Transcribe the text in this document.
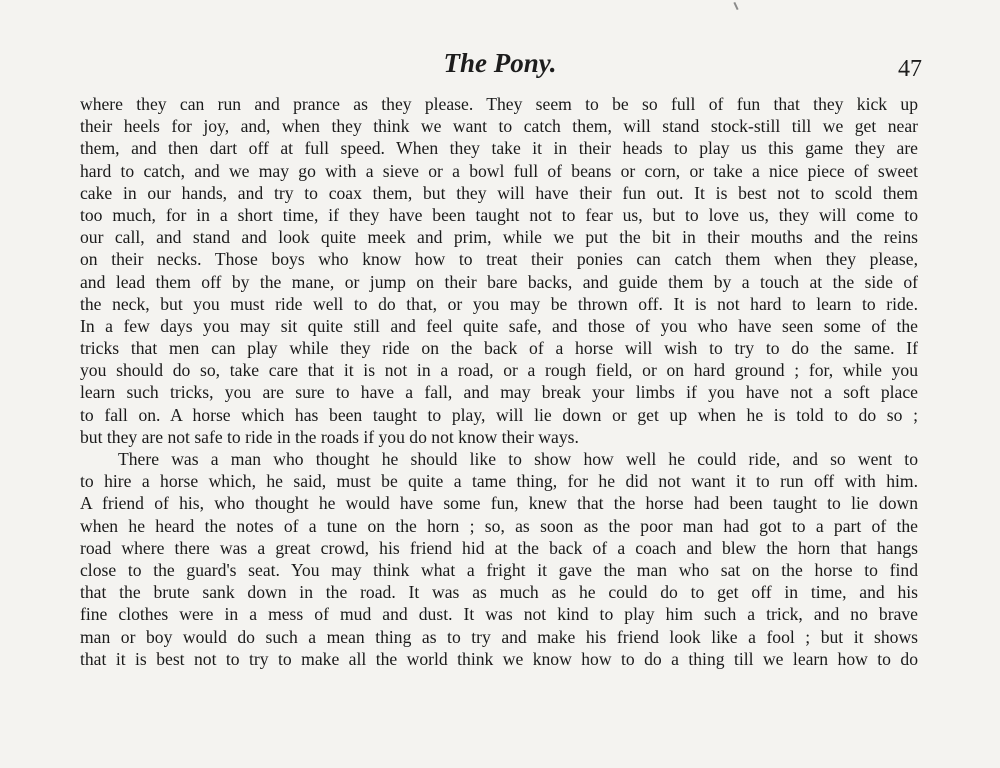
The Pony.	47
where they can run and prance as they please. They seem to be so full of fun that they kick up
their heels for joy, and, when they think we want to catch them, will stand stock-still till we get near
them, and then dart off at full speed. When they take it in their heads to play us this game they are
hard to catch, and we may go with a sieve or a bowl full of beans or corn, or take a nice piece of sweet
cake in our hands, and try to coax them, but they will have their fun out. It is best not to scold them
too much, for in a short time, if they have been taught not to fear us, but to love us, they will come to
our call, and stand and look quite meek and prim, while we put the bit in their mouths and the reins
on their necks. Those boys who know how to treat their ponies can catch them when they please,
and lead them off by the mane, or jump on their bare backs, and guide them by a touch at the side of
the neck, but you must ride well to do that, or you may be thrown off. It is not hard to learn to ride.
In a few days you may sit quite still and feel quite safe, and those of you who have seen some of the
tricks that men can play while they ride on the back of a horse will wish to try to do the same. If
you should do so, take care that it is not in a road, or a rough field, or on hard ground ; for, while you
learn such tricks, you are sure to have a fall, and may break your limbs if you have not a soft place
to fall on. A horse which has been taught to play, will lie down or get up when he is told to do so ;
but they are not safe to ride in the roads if you do not know their ways.
There was a man who thought he should like to show how well he could ride, and so went to
to hire a horse which, he said, must be quite a tame thing, for he did not want it to run off with him.
A friend of his, who thought he would have some fun, knew that the horse had been taught to lie down
when he heard the notes of a tune on the horn ; so, as soon as the poor man had got to a part of the
road where there was a great crowd, his friend hid at the back of a coach and blew the horn that hangs
close to the guard's seat. You may think what a fright it gave the man who sat on the horse to find
that the brute sank down in the road. It was as much as he could do to get off in time, and his
fine clothes were in a mess of mud and dust. It was not kind to play him such a trick, and no brave
man or boy would do such a mean thing as to try and make his friend look like a fool ; but it shows
that it is best not to try to make all the world think we know how to do a thing till we learn how to do
